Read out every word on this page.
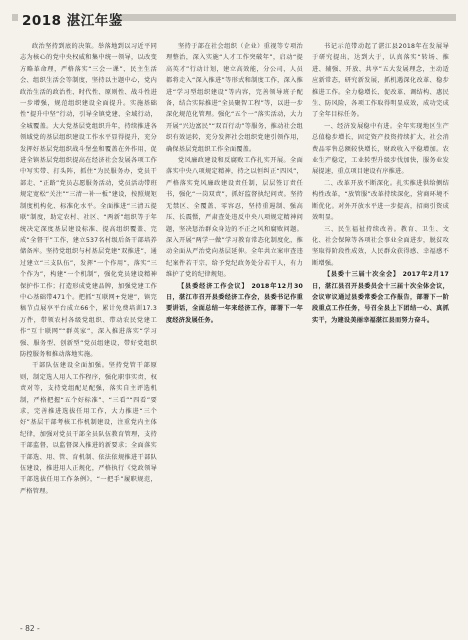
2018 湛江年鉴

政治坚持到底的决策。举落地到以习近平同志为核心的党中央权威和集中统一领导，以改变方略革命理，严格落实“三会一课”、民主生活会、组织生活会等制度，坚持以主题中心，党内政治生活的政治性、时代性、原则性、战斗性进一步增强，规范组织建设全面提升。实施基础性“提升中坚”行动，引导全镇党建、全域行动，全城覆盖。大大党基层党组织升年，持续推进各领域党的基层组织建设工作水平显得提升，充分发挥好基层党组织战斗堡垒和覆盖在外作用，促进全镇基层党组织提高在经济社会发展各项工作中写实带、打头阵，抓住“为民服务办，党员干部走、“正路”党员志愿服务活动，党员活动带班规定宽松“关注”“三清一补一板”建设，按照规矩制度机构化、标准化水平。全面推进“三清五提联”制度，助定农村、社区、“两新”组织等于年统决定深度基层建设标准、提高组织覆盖、完成“全督干”工作，建立537名村级后备干部培养储备库。坚持党组织与村基层党建“双推进”，通过建立“三支队伍”，发挥“一个作用”，落实“三个作为”，构建“一个机制”，强化党员建设精神保护作工作；打造形成党建品牌，加强党建工作中心基础带471个。把抓“互联网+党建”，镇完稿节点展享平台成立66个，累计免费培训17.3万件，带领农村各级党组织、带动农民党建工作“互十联网”“群英家”，深入推进落实“学习强、服务型、创新型”党员组建设，带好党组织防控服务和推动落地实施。

干部队伍建设全面加强。坚持党管干部原则，制定选人用人工作程序，强化职事实责，权责对等，支持党组配足配强，落实自主评选机制，严格把握“五个好标准”、“三看”“四看”要求，完善推进选拔任用工作，大力推进“三个好”基层干部考核工作机制建设，注重党内主体纪律，加强对党员干部全员队伍教育管理，支持干部监督，以监督深入推进的新要求；全面落实干部选、用、管、育机制、依法依规推进干部队伍建设，推进用人正规化，严格执行《党政领导干部选拔任用工作条例》，“一把手”履职规范，严格管理。

坚持于部在社会组织（企业）重视等专项治理整治，深入实施“人才工作突破年”，启动“提高英才”行动计划，建立高效能，分公司，人员都将走入“深入推进”等形式和制度工作，深入推进“学习型组织建设”等内容，完善领导班子配备，结合实际推进“全员聚智工程”等，以进一步深化规范化管理。强化“五个一”落实活动，大力开展“兴边富民”“双百行动”等服务，推动社会组织有效运转，充分发挥社会组织党建引领作用，确保基层党组织工作全面覆盖。

党风廉政建设和反腐败工作扎实开展。全面落实中央八项规定精神，持之以恒纠正“四风”，严格落实党风廉政建设责任制，层层签订责任书，强化“一岗双责”，抓好监督执纪问责。坚持无禁区、全覆盖、零容忍，坚持重遏制、强高压、长震慑，严肃查处违反中央八项规定精神问题，坚决惩治群众身边的不正之风和腐败问题。深入开展“两学一做”学习教育常态化制度化，推动全面从严治党向基层延伸。全年共立案审查违纪案件若干宗，给予党纪政务处分若干人，有力维护了党的纪律规矩。

【县委经济工作会议】 2018年12月30日，湛江市召开县委经济工作会，县委书记作重要讲话，全面总结一年来经济工作，部署下一年度经济发展任务。

书记示范带动起了湛江县2018年在发展导于研究提出，达到大于，认真落实“转场、推进、辅强、开放、共享”五大发展理念，主动适应新常态，研究新发展，抓机遇深化改革、稳步推进工作。全力稳增长、促改革、调结构、惠民生、防风险，各项工作取得明显成效，成功完成了全年目标任务。

一、经济发展稳中有进。全年实现地区生产总值稳步增长，固定资产投资持续扩大，社会消费品零售总额较快增长，财政收入平稳增加。农业生产稳定，工业转型升级步伐加快，服务业发展提速，重点项目建设有序推进。

二、改革开放不断深化。扎实推进供给侧结构性改革，“放管服”改革持续深化，营商环境不断优化。对外开放水平进一步提高，招商引资成效明显。

三、民生福祉持续改善。教育、卫生、文化、社会保障等各项社会事业全面进步，脱贫攻坚取得阶段性成效，人民群众获得感、幸福感不断增强。

【县委十三届十次全会】 2017年2月17日，湛江县召开县委员会十三届十次全体会议，会议审议通过县委常委会工作报告，部署下一阶段重点工作任务，号召全县上下团结一心、真抓实干，为建设美丽幸福湛江县而努力奋斗。

- 82 -
